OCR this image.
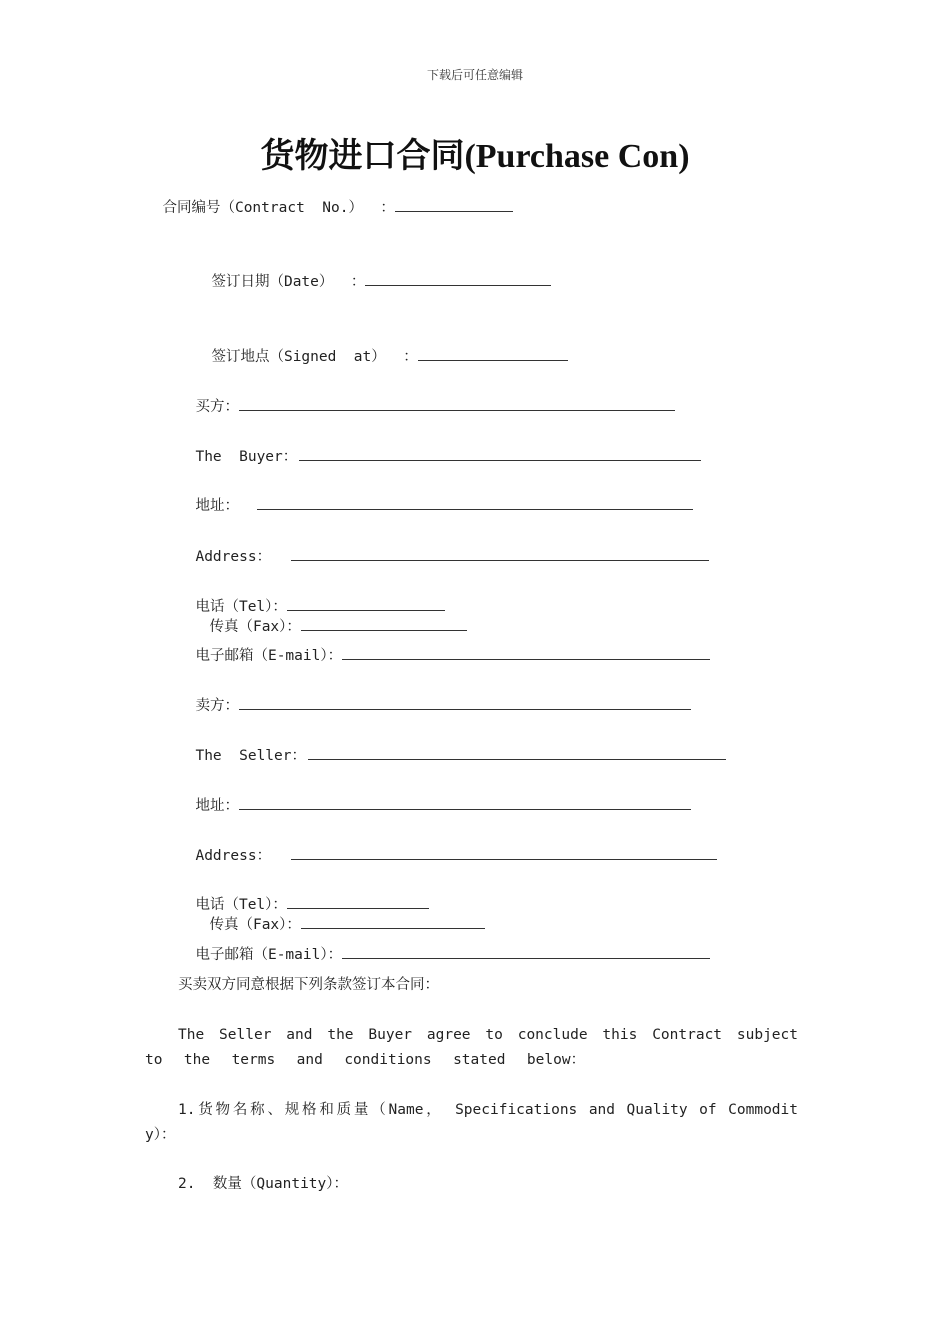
下载后可任意编辑
货物进口合同(Purchase Con)

合同编号（Contract  No.）  ：

签订日期（Date）  ：

签订地点（Signed  at）  ：

买方：

The  Buyer：

地址：

Address：

电话（Tel）：
传真（Fax）：

电子邮箱（E-mail）：

卖方：

The  Seller：

地址：

Address：

电话（Tel）：
传真（Fax）：

电子邮箱（E-mail）：

买卖双方同意根据下列条款签订本合同：
The Seller and the Buyer agree to conclude this Contract subject
to  the  terms  and  conditions  stated  below：
1.货物名称、规格和质量（Name， Specifications and Quality of Commodit
y）：
2.  数量（Quantity）：
